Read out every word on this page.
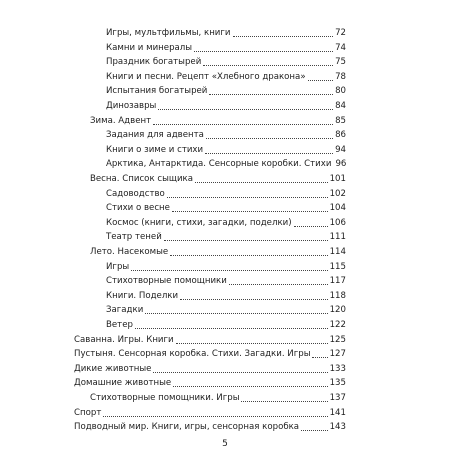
Игры, мультфильмы, книги	72
Камни и минералы	74
Праздник богатырей	75
Книги и песни. Рецепт «Хлебного дракона»	78
Испытания богатырей	80
Динозавры	84
Зима. Адвент	85
Задания для адвента	86
Книги о зиме и стихи	94
Арктика, Антарктида. Сенсорные коробки. Стихи 96
Весна. Список сыщика	101
Садоводство	102
Стихи о весне	104
Космос (книги, стихи, загадки, поделки)	106
Театр теней	111
Лето. Насекомые	114
Игры	115
Стихотворные помощники	117
Книги. Поделки	118
Загадки	120
Ветер	122
Саванна. Игры. Книги	125
Пустыня. Сенсорная коробка. Стихи. Загадки. Игры 127
Дикие животные	133
Домашние животные	135
Стихотворные помощники. Игры	137
Спорт	141
Подводный мир. Книги, игры, сенсорная коробка	143
5
